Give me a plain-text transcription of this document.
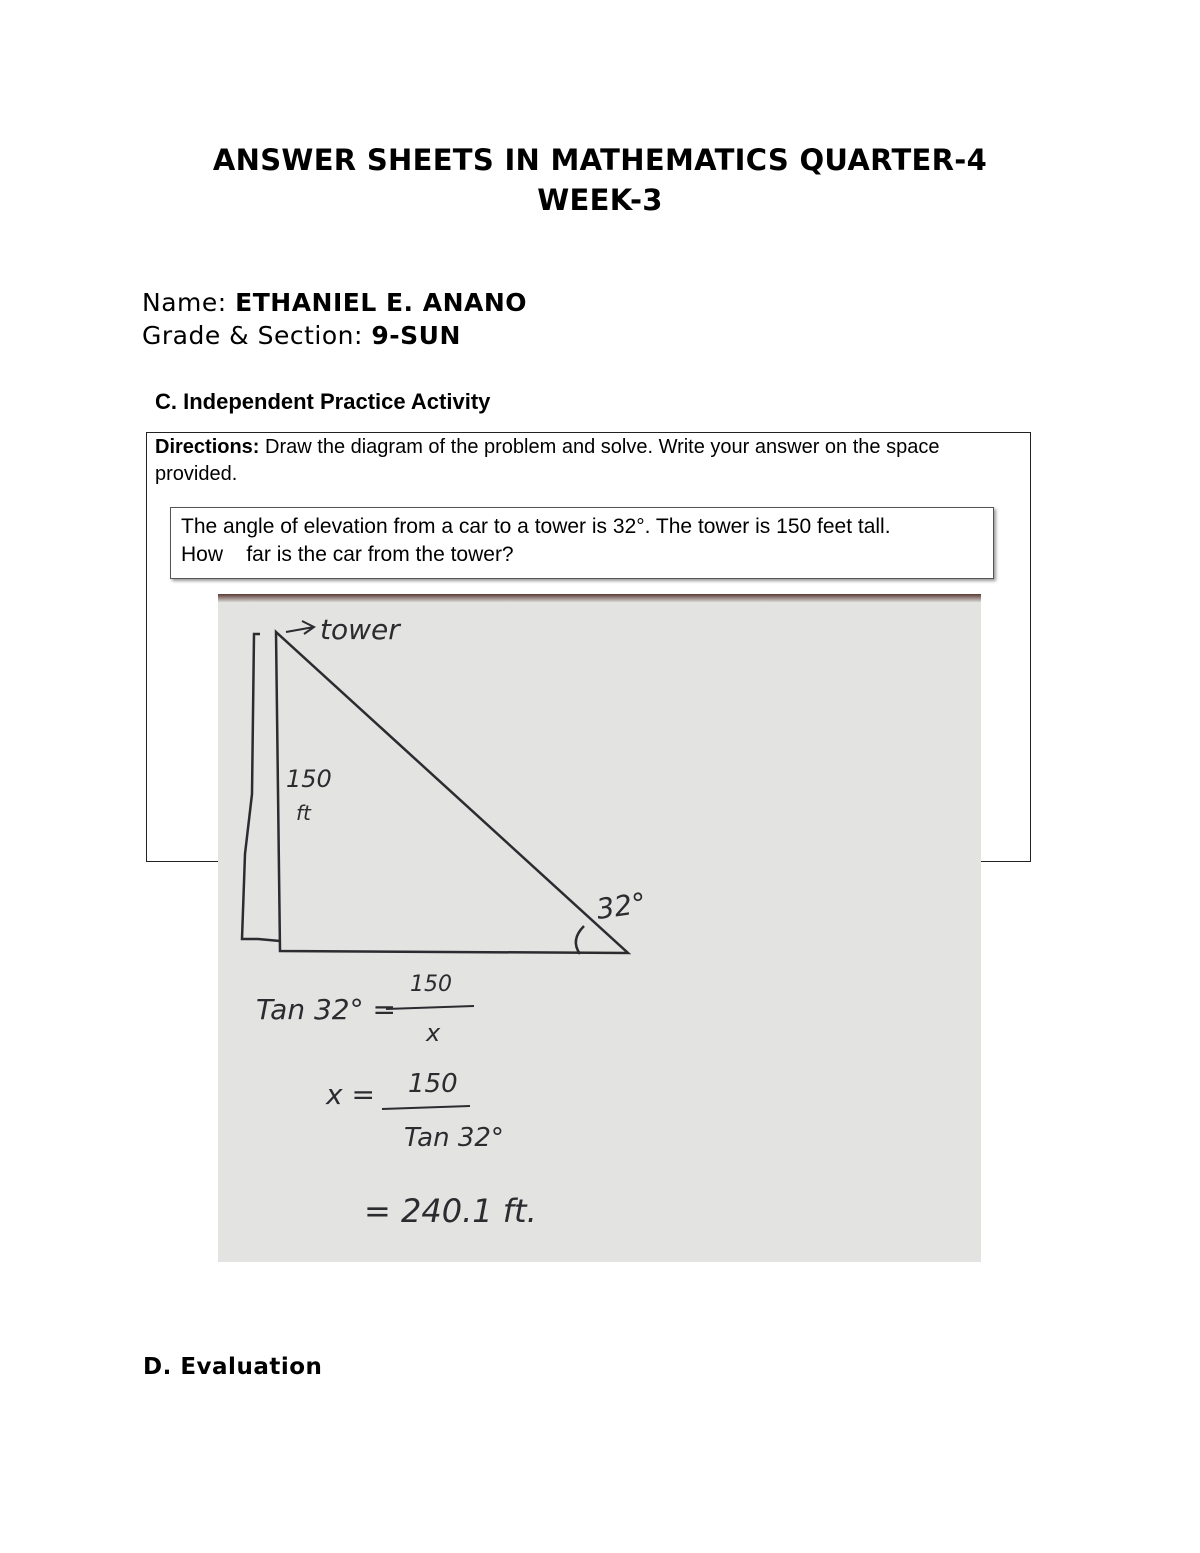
ANSWER SHEETS IN MATHEMATICS QUARTER-4
WEEK-3
Name: ETHANIEL E. ANANO
Grade & Section: 9-SUN
C. Independent Practice Activity
Directions: Draw the diagram of the problem and solve. Write your answer on the space provided.
The angle of elevation from a car to a tower is 32°. The tower is 150 feet tall.
How    far is the car from the tower?
tower
150
ft
32°
Tan 32° =
150
x
x = 150
Tan 32°
= 240.1 ft.
D. Evaluation
